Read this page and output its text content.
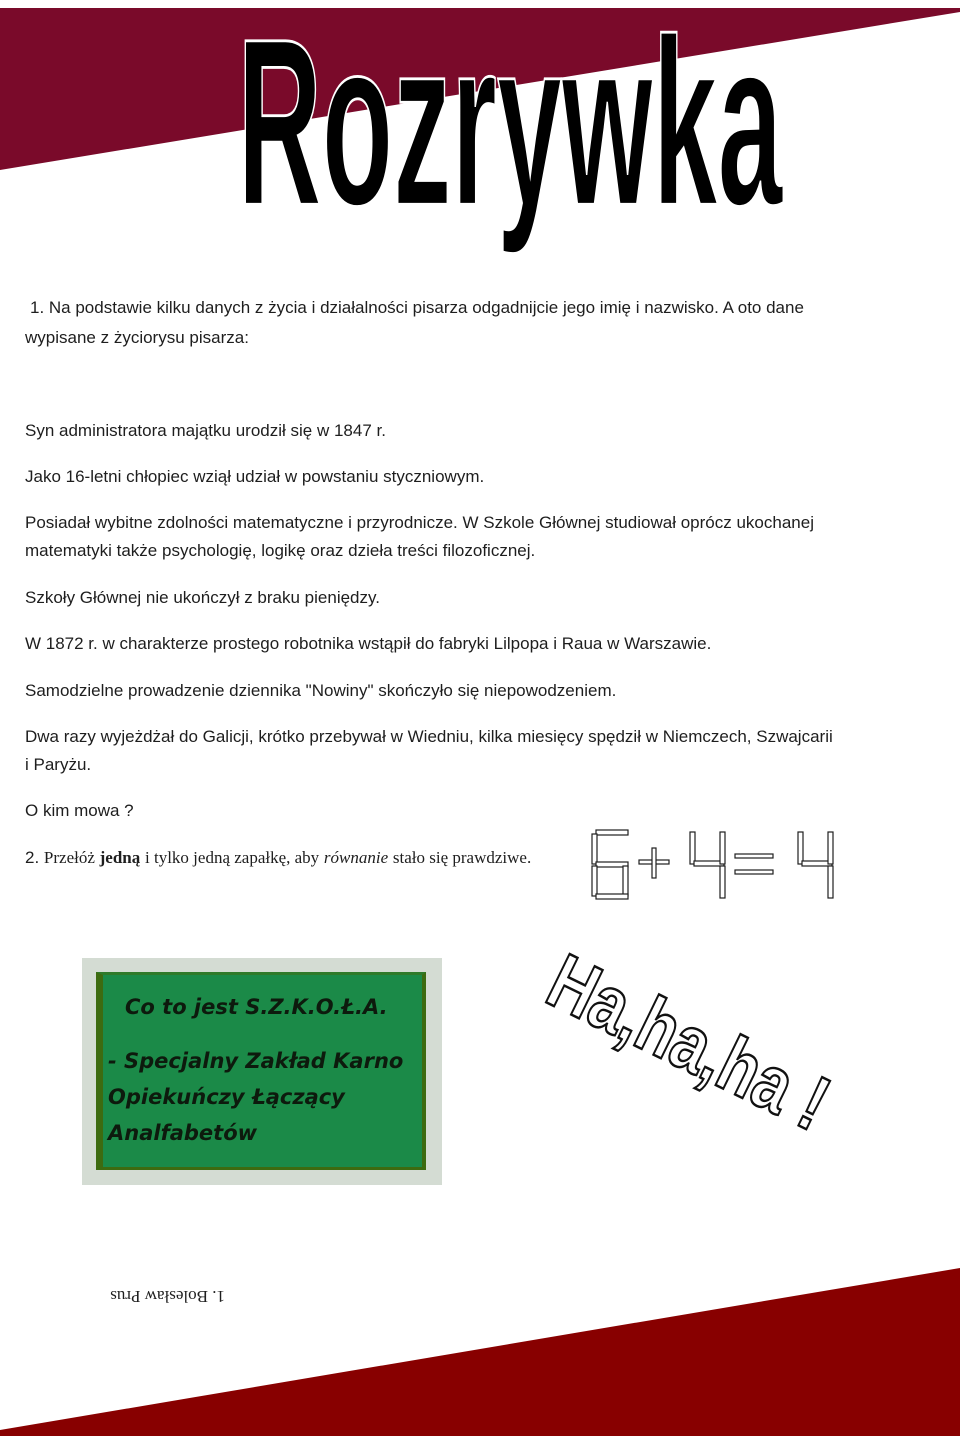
Rozrywka
1. Na podstawie kilku danych z życia i działalności pisarza odgadnijcie jego imię i nazwisko. A oto dane
wypisane z życiorysu pisarza:
Syn administratora majątku urodził się w 1847 r.
Jako 16-letni chłopiec wziął udział w powstaniu styczniowym.
Posiadał wybitne zdolności matematyczne i przyrodnicze. W Szkole Głównej studiował oprócz ukochanej
matematyki także psychologię, logikę oraz dzieła treści filozoficznej.
Szkoły Głównej nie ukończył z braku pieniędzy.
W 1872 r. w charakterze prostego robotnika wstąpił do fabryki Lilpopa i Raua w Warszawie.
Samodzielne prowadzenie dziennika "Nowiny" skończyło się niepowodzeniem.
Dwa razy wyjeżdżał do Galicji, krótko przebywał w Wiedniu, kilka miesięcy spędził w Niemczech, Szwajcarii
i Paryżu.
O kim mowa ?
2. Przełóż jedną i tylko jedną zapałkę, aby równanie stało się prawdziwe.
Co to jest S.Z.K.O.Ł.A.
- Specjalny Zakład Karno
Opiekuńczy Łączący
Analfabetów	Ha,ha,ha !
1. Bolesław Prus
